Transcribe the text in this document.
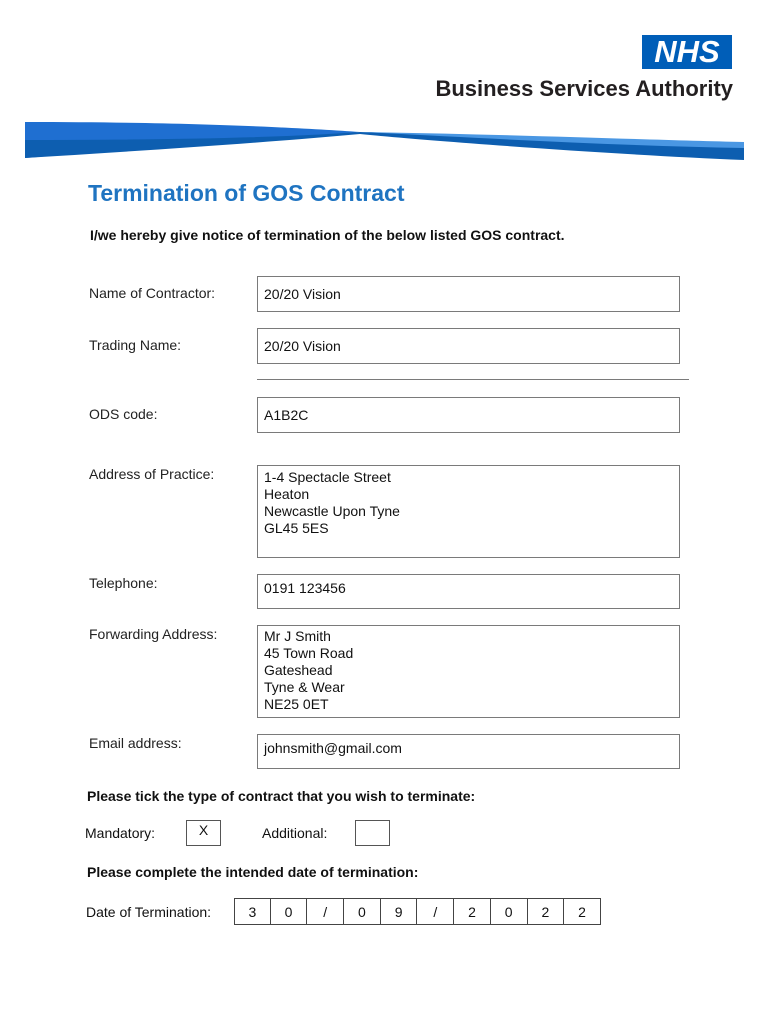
NHS
Business Services Authority
Termination of GOS Contract
I/we hereby give notice of termination of the below listed GOS contract.
Name of Contractor:	20/20 Vision
Trading Name:	20/20 Vision
ODS code:	A1B2C
Address of Practice:	1-4 Spectacle Street
Heaton
Newcastle Upon Tyne
GL45 5ES
Telephone:	0191 123456
Forwarding Address:	Mr J Smith
45 Town Road
Gateshead
Tyne & Wear
NE25 0ET
Email address:	johnsmith@gmail.com
Please tick the type of contract that you wish to terminate:
Mandatory:	X	Additional:
Please complete the intended date of termination:
Date of Termination:	3	0	/	0	9	/	2	0	2	2
